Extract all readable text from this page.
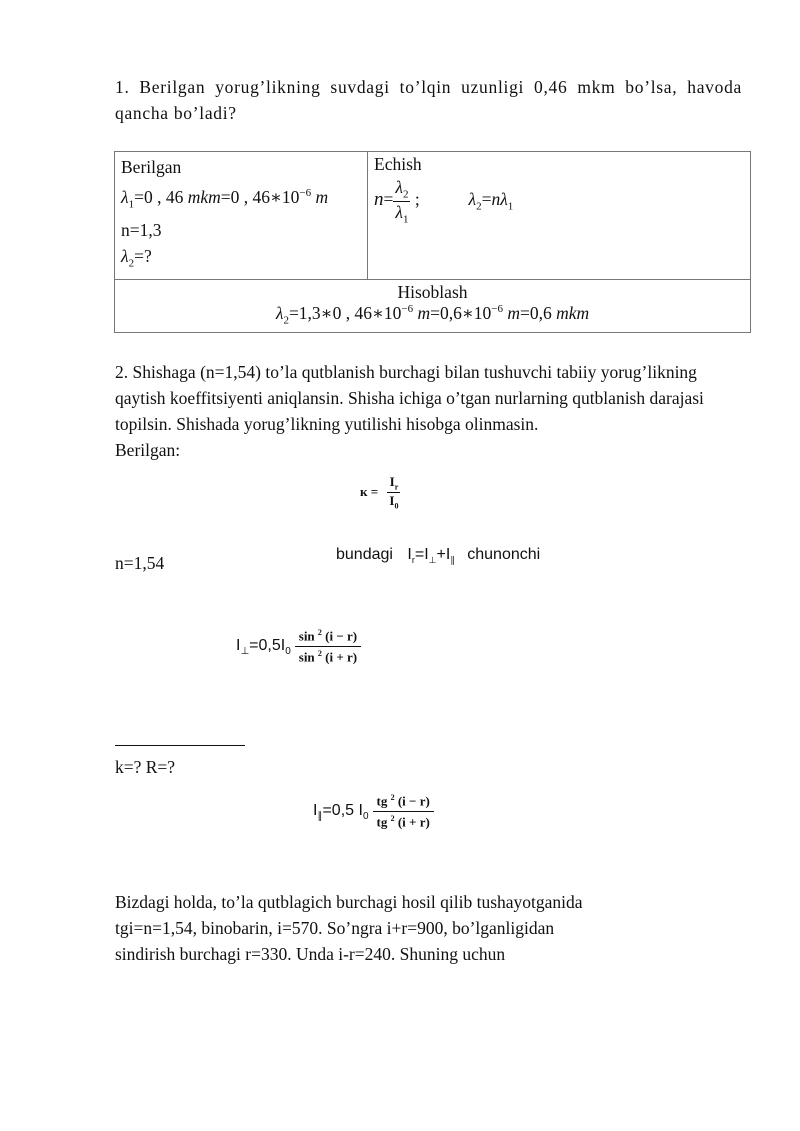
1. Berilgan yorug’likning suvdagi to’lqin uzunligi 0,46 mkm bo’lsa, havoda qancha bo’ladi?
Berilgan
$\lambda_1=0$ , 46 mkm=0 , $46∗10^{-6}$ m
n=1,3
$\lambda_2=$?

Echish
$n= \frac{\lambda_2}{\lambda_1}$ ;	$\lambda_2=n\lambda_1$

Hisoblash
$\lambda_2=1,3∗0$ , $46∗10^{-6}$ $m=0,6∗10^{-6}$ m=0,6 mkm
2. Shishaga (n=1,54) to’la qutblanish burchagi bilan tushuvchi tabiiy yorug’likning qaytish koeffitsiyenti aniqlansin. Shisha ichiga o’tgan nurlarning qutblanish darajasi topilsin. Shishada yorug’likning yutilishi hisobga olinmasin.
Berilgan:
$к = \frac{I_r}{I_0}$
n=1,54	bundagi $I_r=I_\perp+I_\parallel$ chunonchi
$I_\perp=0,5I_0 \frac{\sin ^2 (i - r)}{\sin ^2 (i + r)}$
k=? R=?
$I_\parallel=0,5$ $I_0 \frac{tg ^2 (i - r)}{tg ^2 (i + r)}$
Bizdagi holda, to’la qutblagich burchagi hosil qilib tushayotganida
tgi=n=1,54, binobarin, i=570. So’ngra i+r=900, bo’lganligidan
sindirish burchagi r=330. Unda i-r=240. Shuning uchun
